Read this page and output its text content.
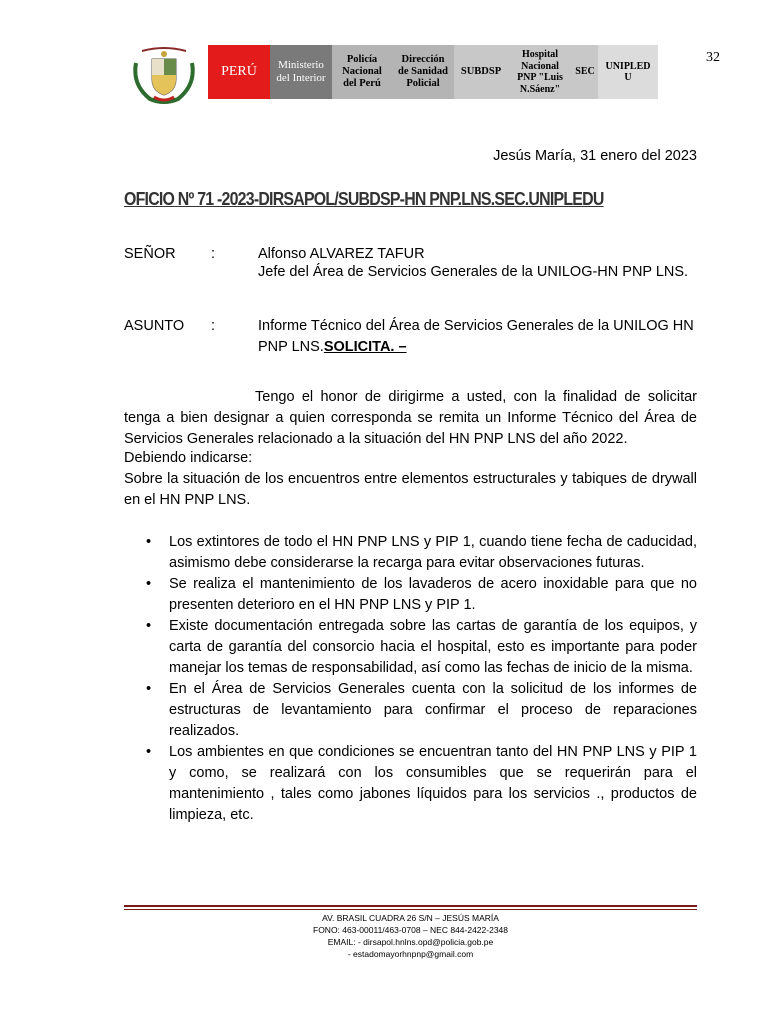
PERÚ Ministerio
del Interior
Policía
Nacional
del Perú
Dirección
de Sanidad
Policial
SUBDSP
Hospital
Nacional
PNP "Luis
N.Sáenz"
SEC
UNIPLED
U
32
Jesús María, 31 enero del 2023
OFICIO Nº 71 -2023-DIRSAPOL/SUBDSP-HN PNP.LNS.SEC.UNIPLEDU
SEÑOR :	Alfonso ALVAREZ TAFUR
Jefe del Área de Servicios Generales de la UNILOG-HN PNP LNS.
ASUNTO :	Informe Técnico del Área de Servicios Generales de la UNILOG HN PNP LNS.SOLICITA. –
Tengo el honor de dirigirme a usted, con la finalidad de solicitar tenga a bien designar a quien corresponda se remita un Informe Técnico del Área de Servicios Generales relacionado a la situación del HN PNP LNS del año 2022.
Debiendo indicarse:
Sobre la situación de los encuentros entre elementos estructurales y tabiques de drywall en el HN PNP LNS.
• Los extintores de todo el HN PNP LNS y PIP 1, cuando tiene fecha de caducidad, asimismo debe considerarse la recarga para evitar observaciones futuras.
• Se realiza el mantenimiento de los lavaderos de acero inoxidable para que no presenten deterioro en el HN PNP LNS y PIP 1.
• Existe documentación entregada sobre las cartas de garantía de los equipos, y carta de garantía del consorcio hacia el hospital, esto es importante para poder manejar los temas de responsabilidad, así como las fechas de inicio de la misma.
• En el Área de Servicios Generales cuenta con la solicitud de los informes de estructuras de levantamiento para confirmar el proceso de reparaciones realizados.
• Los ambientes en que condiciones se encuentran tanto del HN PNP LNS y PIP 1 y como, se realizará con los consumibles que se requerirán para el mantenimiento , tales como jabones líquidos para los servicios ., productos de limpieza, etc.
AV. BRASIL CUADRA 26 S/N – JESÚS MARÍA
FONO: 463-00011/463-0708 – NEC 844-2422-2348
EMAIL: - dirsapol.hnlns.opd@policia.gob.pe
- estadomayorhnpnp@gmail.com
